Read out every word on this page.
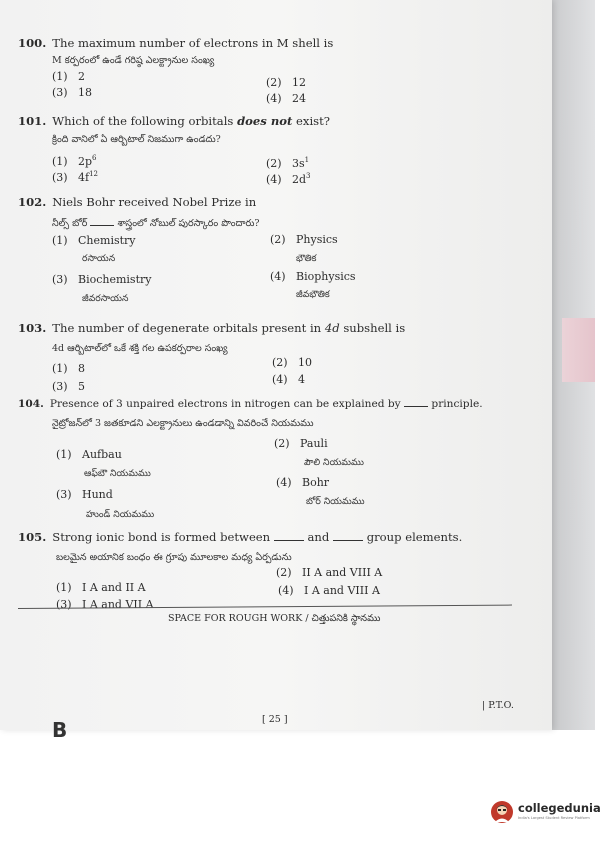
100. The maximum number of electrons in M shell is
M కర్పరంలో ఉండే గరిష్ఠ ఎలక్ట్రానుల సంఖ్య
(1) 2	(2) 12
(3) 18	(4) 24
101. Which of the following orbitals does not exist?
క్రింది వానిలో ఏ ఆర్బిటాల్ నిజముగా ఉండదు?
(1) $2p^6$	(2) $3s^1$
(3) $4f^{12}$	(4) $2d^3$
102. Niels Bohr received Nobel Prize in
నీల్స్ బోర్	శాస్త్రంలో నోబుల్ పురస్కారం పొందారు?
(1) Chemistry
రసాయన
(2) Physics
భౌతిక
(3) Biochemistry
జీవరసాయన
(4) Biophysics
జీవభౌతిక
103. The number of degenerate orbitals present in 4d subshell is
4d ఆర్బిటాల్‌లో ఒకే శక్తి గల ఉపకర్పరాల సంఖ్య
(1) 8	(2) 10
(3) 5
(4) 4
104. Presence of 3 unpaired electrons in nitrogen can be explained by	principle.
నైట్రోజన్‌లో 3 జతకూడని ఎలక్ట్రానులు ఉండడాన్ని వివరించే నియమము
(1) Aufbau
ఆఫ్‌బౌ నియమము
(2) Pauli
పౌలి నియమము
(3) Hund
హుండ్ నియమము
(4) Bohr
బోర్ నియమము
105. Strong ionic bond is formed between	and	group elements.
బలమైన అయానిక బంధం ఈ గ్రూపు మూలకాల మధ్య ఏర్పడును
(1) I A and II A
(2) II A and VIII A
(3) I A and VII A
(4) I A and VIII A
SPACE FOR ROUGH WORK / చిత్తుపనికి స్థానము
| P.T.O.
[ 25 ]
B
collegedunia
India's Largest Student Review Platform
